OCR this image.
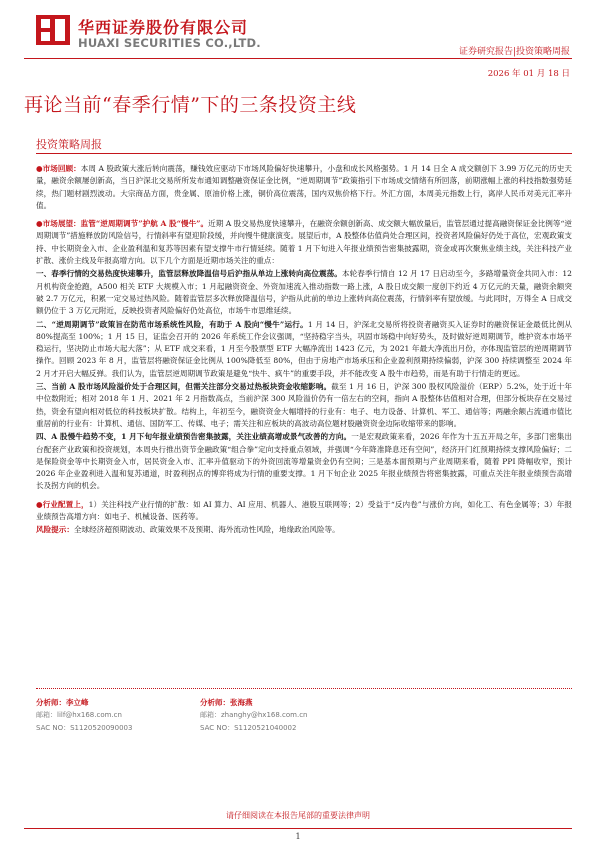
华西证券股份有限公司
HUAXI SECURITIES CO.,LTD.
证券研究报告|投资策略周报
2026 年 01 月 18 日
再论当前“春季行情”下的三条投资主线
投资策略周报

●市场回顾：本周 A 股政策大涨后转向震荡，赚钱效应驱动下市场风险偏好快速攀升，小盘和成长风格强势。1 月 14 日全 A 成交额创下 3.99 万亿元的历史天量，融资余额屡创新高，当日沪深北交易所所发布通知调整融资保证金比例，“逆周期调节”政策指引下市场成交情绪有所回落，前期涨幅上涨的科技指数强势延续，热门题材剧烈波动。大宗商品方面，贵金属、原油价格上涨，铜价高位震荡，国内双焦价格下行。外汇方面，本周美元指数上行，离岸人民币对美元汇率升值。

●市场展望：监管“逆周期调节”护航 A 股“慢牛”。近期 A 股交易热度快速攀升，在融资余额创新高、成交额大幅放量后，监管层通过提高融资保证金比例等“逆周期调节”措施释放防风险信号，行情斜率有望迎阶段缓，并向慢牛健康演变。展望后市，A 股整体估值尚处合理区间，投资者风险偏好仍处于高位，宏观政策支持、中长期资金入市、企业盈利温和复苏等因素有望支撑牛市行情延续。随着 1 月下旬进入年报业绩预告密集披露期，资金或再次聚焦业绩主线，关注科技产业扩散、涨价主线及年报高增方向。以下几个方面是近期市场关注的重点：

一、春季行情的交易热度快速攀升，监管层释放降温信号后沪指从单边上涨转向高位震荡。本轮春季行情自 12 月 17 日启动至今，多路增量资金共同入市：12 月机构资金抢跑，A500 相关 ETF 大规模入市；1 月起融资资金、外资加速流入推动指数一路上涨，A 股日成交额一度创下约近 4 万亿元的天量，融资余额突破 2.7 万亿元，积累一定交易过热风险。随着监管层多次释放降温信号，沪指从此前的单边上涨转向高位震荡，行情斜率有望放缓。与此同时，万得全 A 日成交额仍位于 3 万亿元附近，反映投资者风险偏好仍处高位，市场牛市思维延续。

二、“逆周期调节”政策旨在防范市场系统性风险，有助于 A 股向“慢牛”运行。1 月 14 日，沪深北交易所将投资者融资买入证券时的融资保证金最低比例从 80%提高至 100%；1 月 15 日，证监会召开的 2026 年系统工作会议强调，“坚持稳字当头，巩固市场稳中向好势头，及时做好逆周期调节，维护资本市场平稳运行，坚决防止市场大起大落”；从 ETF 成交来看，1 月至今股票型 ETF 大幅净流出 1423 亿元，为 2021 年最大净流出月份，亦体现监管层的逆周期调节操作。回顾 2023 年 8 月，监管层将融资保证金比例从 100%降低至 80%，但由于房地产市场承压和企业盈利预期持续偏弱，沪深 300 持续调整至 2024 年 2 月才开启大幅反弹。我们认为，监管层逆周期调节政策是避免“快牛、疯牛”的重要手段，并不能改变 A 股牛市趋势，而是有助于行情走的更远。

三、当前 A 股市场风险溢价处于合理区间，但需关注部分交易过热板块资金收缩影响。截至 1 月 16 日，沪深 300 股权风险溢价（ERP）5.2%，处于近十年中位数附近；相对 2018 年 1 月、2021 年 2 月指数高点，当前沪深 300 风险溢价仍有一倍左右的空间，指向 A 股整体估值相对合理，但部分板块存在交易过热，资金有望向相对低位的科技板块扩散。结构上，年初至今，融资资金大幅增持的行业有：电子、电力设备、计算机、军工、通信等；两融余额占流通市值比重居前的行业有：计算机、通信、国防军工、传媒、电子；需关注和应板块的高波动高位题材股融资资金边际收缩带来的影响。

四、A 股慢牛趋势不变，1 月下旬年报业绩预告密集披露，关注业绩高增或景气改善的方向。一是宏观政策来看，2026 年作为十五五开局之年，多部门密集出台配套产业政策和投资规划，本周央行推出资节金融政策“组合拳”定向支持重点领域，并强调“今年降准降息还有空间”，经济开门红预期持续支撑风险偏好；二是保险资金等中长期资金入市，居民资金入市、汇率升值驱动下的外资回流等增量资金仍有空间；三是基本面预期与产业周期来看，随着 PPI 降幅收窄，预计 2026 年企业盈利进入温和复苏通道，时盈利拐点的博弈将成为行情的重要支撑。1 月下旬企业 2025 年报业绩预告将密集披露，可重点关注年报业绩预告高增长及拐方向的机会。

●行业配置上，1）关注科技产业行情的扩散：如 AI 算力、AI 应用、机器人、港股互联网等；2）受益于“反内卷”与涨价方向，如化工、有色金属等；3）年报业绩预告高增方向：如电子、机械设备、医药等。

风险提示：全球经济超预期波动、政策效果不及预期、海外流动性风险，地缘政治风险等。

分析师：李立峰
邮箱：lilf@hx168.com.cn
SAC NO：S1120520090003
分析师：张海燕
邮箱：zhanghy@hx168.com.cn
SAC NO：S1120521040002
请仔细阅读在本报告尾部的重要法律声明
1
